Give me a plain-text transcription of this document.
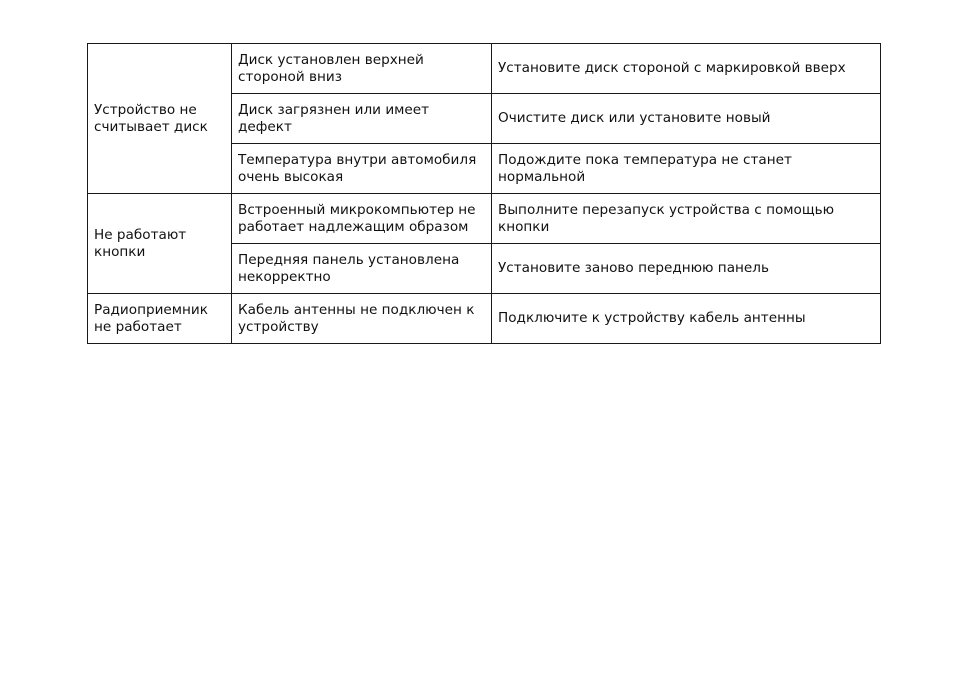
Устройство не считывает диск	Диск установлен верхней стороной вниз	Установите диск стороной с маркировкой вверх
	Диск загрязнен или имеет дефект	Очистите диск или установите новый
	Температура внутри автомобиля очень высокая	Подождите пока температура не станет нормальной
Не работают кнопки	Встроенный микрокомпьютер не работает надлежащим образом	Выполните перезапуск устройства с помощью кнопки
	Передняя панель установлена некорректно	Установите заново переднюю панель
Радиоприемник не работает	Кабель антенны не подключен к устройству	Подключите к устройству кабель антенны
